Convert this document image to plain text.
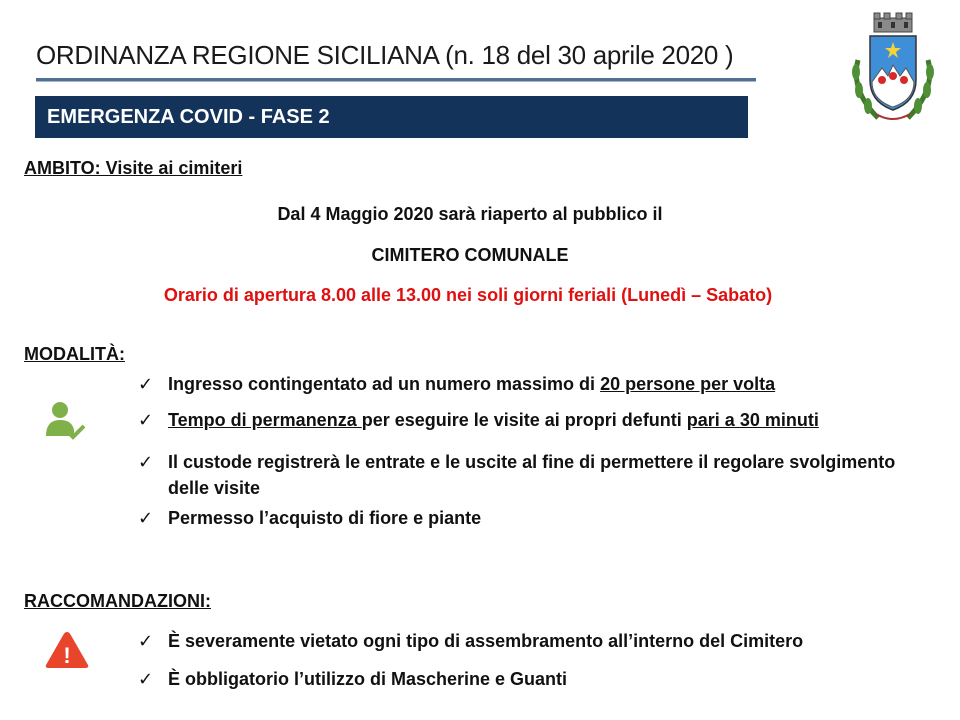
ORDINANZA REGIONE SICILIANA (n. 18 del 30 aprile 2020 )
EMERGENZA COVID - FASE 2
AMBITO: Visite ai cimiteri
Dal 4 Maggio 2020 sarà riaperto al pubblico il
CIMITERO COMUNALE
Orario di apertura 8.00 alle 13.00 nei soli giorni feriali (Lunedì – Sabato)
MODALITÀ:
✓ Ingresso contingentato ad un numero massimo di 20 persone per volta
✓ Tempo di permanenza per eseguire le visite ai propri defunti pari a 30 minuti
✓ Il custode registrerà le entrate e le uscite al fine di permettere il regolare svolgimento delle visite
✓ Permesso l’acquisto di fiore e piante
RACCOMANDAZIONI:
!
✓ È severamente vietato ogni tipo di assembramento all’interno del Cimitero
✓ È obbligatorio l’utilizzo di Mascherine e Guanti
